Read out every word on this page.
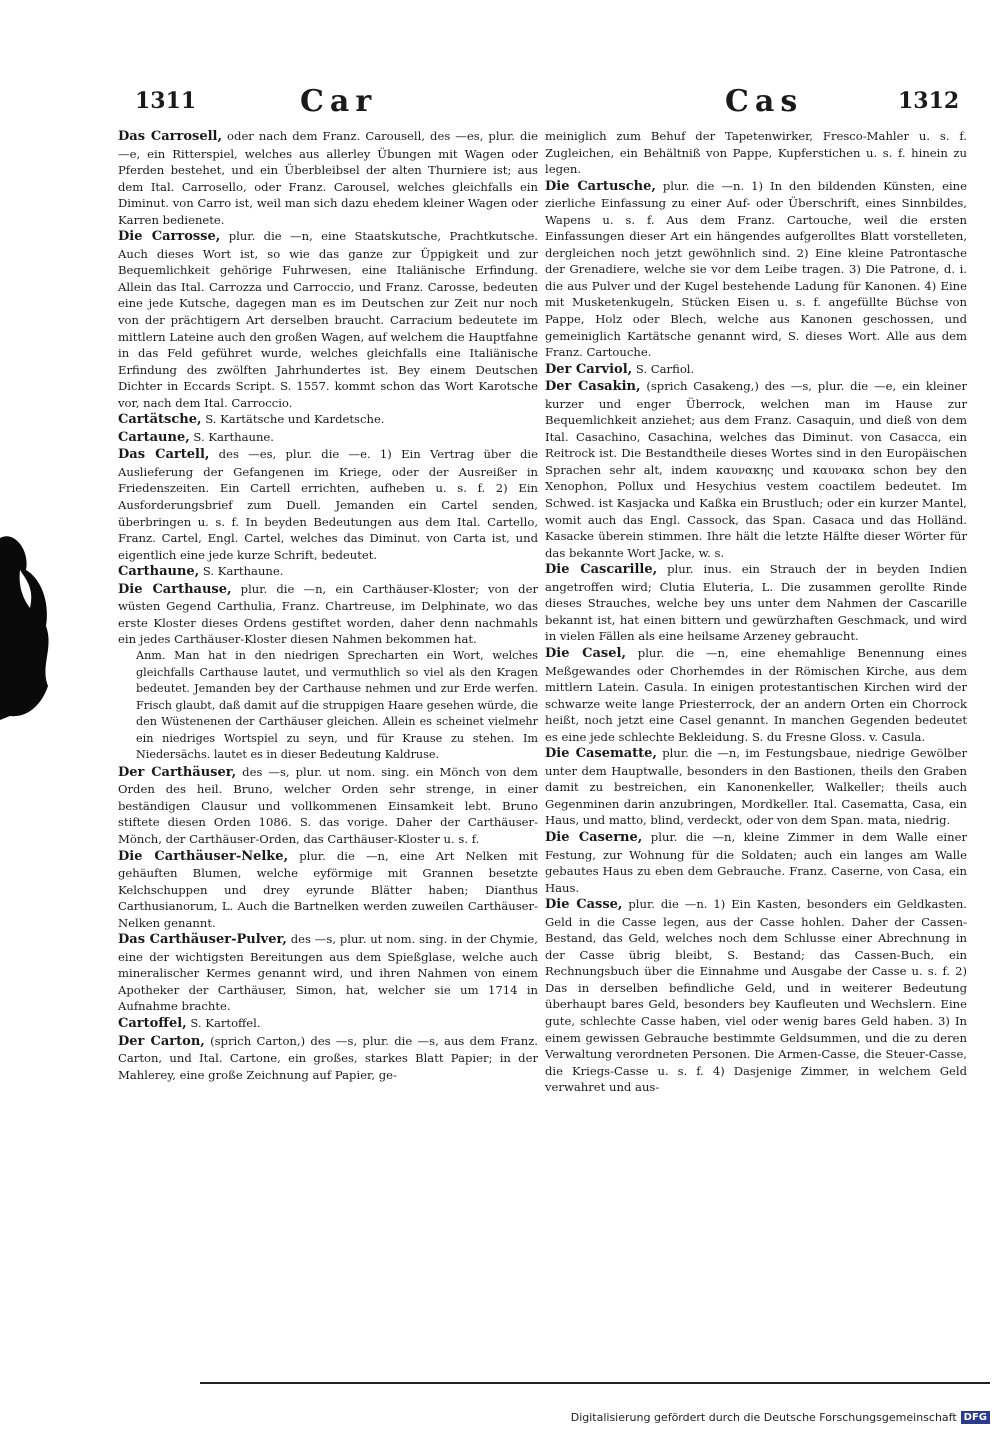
1311	Car	Cas	1312

Das Carrosell, oder nach dem Franz. Carousell, des —es, plur. die —e, ein Ritterspiel, welches aus allerley Übungen mit Wagen oder Pferden bestehet, und ein Überbleibsel der alten Thurniere ist; aus dem Ital. Carrosello, oder Franz. Carousel, welches gleichfalls ein Diminut. von Carro ist, weil man sich dazu ehedem kleiner Wagen oder Karren bedienete.

Die Carrosse, plur. die —n, eine Staatskutsche, Prachtkutsche. Auch dieses Wort ist, so wie das ganze zur Üppigkeit und zur Bequemlichkeit gehörige Fuhrwesen, eine Italiänische Erfindung. Allein das Ital. Carrozza und Carroccio, und Franz. Carosse, bedeuten eine jede Kutsche, dagegen man es im Deutschen zur Zeit nur noch von der prächtigern Art derselben braucht. Carracium bedeutete im mittlern Lateine auch den großen Wagen, auf welchem die Hauptfahne in das Feld geführet wurde, welches gleichfalls eine Italiänische Erfindung des zwölften Jahrhundertes ist. Bey einem Deutschen Dichter in Eccards Script. S. 1557. kommt schon das Wort Karotsche vor, nach dem Ital. Carroccio.

Cartätsche, S. Kartätsche und Kardetsche.

Cartaune, S. Karthaune.

Das Cartell, des —es, plur. die —e. 1) Ein Vertrag über die Auslieferung der Gefangenen im Kriege, oder der Ausreißer in Friedenszeiten. Ein Cartell errichten, aufheben u. s. f. 2) Ein Ausforderungsbrief zum Duell. Jemanden ein Cartel senden, überbringen u. s. f. In beyden Bedeutungen aus dem Ital. Cartello, Franz. Cartel, Engl. Cartel, welches das Diminut. von Carta ist, und eigentlich eine jede kurze Schrift, bedeutet.

Carthaune, S. Karthaune.

Die Carthause, plur. die —n, ein Carthäuser-Kloster; von der wüsten Gegend Carthulia, Franz. Chartreuse, im Delphinate, wo das erste Kloster dieses Ordens gestiftet worden, daher denn nachmahls ein jedes Carthäuser-Kloster diesen Nahmen bekommen hat.

Anm. Man hat in den niedrigen Sprecharten ein Wort, welches gleichfalls Carthause lautet, und vermuthlich so viel als den Kragen bedeutet. Jemanden bey der Carthause nehmen und zur Erde werfen. Frisch glaubt, daß damit auf die struppigen Haare gesehen würde, die den Wüstenenen der Carthäuser gleichen. Allein es scheinet vielmehr ein niedriges Wortspiel zu seyn, und für Krause zu stehen. Im Niedersächs. lautet es in dieser Bedeutung Kaldruse.

Der Carthäuser, des —s, plur. ut nom. sing. ein Mönch von dem Orden des heil. Bruno, welcher Orden sehr strenge, in einer beständigen Clausur und vollkommenen Einsamkeit lebt. Bruno stiftete diesen Orden 1086. S. das vorige. Daher der Carthäuser-Mönch, der Carthäuser-Orden, das Carthäuser-Kloster u. s. f.

Die Carthäuser-Nelke, plur. die —n, eine Art Nelken mit gehäuften Blumen, welche eyförmige mit Grannen besetzte Kelchschuppen und drey eyrunde Blätter haben; Dianthus Carthusianorum, L. Auch die Bartnelken werden zuweilen Carthäuser-Nelken genannt.

Das Carthäuser-Pulver, des —s, plur. ut nom. sing. in der Chymie, eine der wichtigsten Bereitungen aus dem Spießglase, welche auch mineralischer Kermes genannt wird, und ihren Nahmen von einem Apotheker der Carthäuser, Simon, hat, welcher sie um 1714 in Aufnahme brachte.

Cartoffel, S. Kartoffel.

Der Carton, (sprich Carton,) des —s, plur. die —s, aus dem Franz. Carton, und Ital. Cartone, ein großes, starkes Blatt Papier; in der Mahlerey, eine große Zeichnung auf Papier, ge-

meiniglich zum Behuf der Tapetenwirker, Fresco-Mahler u. s. f. Zugleichen, ein Behältniß von Pappe, Kupferstichen u. s. f. hinein zu legen.

Die Cartusche, plur. die —n. 1) In den bildenden Künsten, eine zierliche Einfassung zu einer Auf- oder Überschrift, eines Sinnbildes, Wapens u. s. f. Aus dem Franz. Cartouche, weil die ersten Einfassungen dieser Art ein hängendes aufgerolltes Blatt vorstelleten, dergleichen noch jetzt gewöhnlich sind. 2) Eine kleine Patrontasche der Grenadiere, welche sie vor dem Leibe tragen. 3) Die Patrone, d. i. die aus Pulver und der Kugel bestehende Ladung für Kanonen. 4) Eine mit Musketenkugeln, Stücken Eisen u. s. f. angefüllte Büchse von Pappe, Holz oder Blech, welche aus Kanonen geschossen, und gemeiniglich Kartätsche genannt wird, S. dieses Wort. Alle aus dem Franz. Cartouche.

Der Carviol, S. Carfiol.

Der Casakin, (sprich Casakeng,) des —s, plur. die —e, ein kleiner kurzer und enger Überrock, welchen man im Hause zur Bequemlichkeit anziehet; aus dem Franz. Casaquin, und dieß von dem Ital. Casachino, Casachina, welches das Diminut. von Casacca, ein Reitrock ist. Die Bestandtheile dieses Wortes sind in den Europäischen Sprachen sehr alt, indem καυνακης und καυνακα schon bey den Xenophon, Pollux und Hesychius vestem coactilem bedeutet. Im Schwed. ist Kasjacka und Kaßka ein Brustluch; oder ein kurzer Mantel, womit auch das Engl. Cassock, das Span. Casaca und das Holländ. Kasacke überein stimmen. Ihre hält die letzte Hälfte dieser Wörter für das bekannte Wort Jacke, w. s.

Die Cascarille, plur. inus. ein Strauch der in beyden Indien angetroffen wird; Clutia Eluteria, L. Die zusammen gerollte Rinde dieses Strauches, welche bey uns unter dem Nahmen der Cascarille bekannt ist, hat einen bittern und gewürzhaften Geschmack, und wird in vielen Fällen als eine heilsame Arzeney gebraucht.

Die Casel, plur. die —n, eine ehemahlige Benennung eines Meßgewandes oder Chorhemdes in der Römischen Kirche, aus dem mittlern Latein. Casula. In einigen protestantischen Kirchen wird der schwarze weite lange Priesterrock, der an andern Orten ein Chorrock heißt, noch jetzt eine Casel genannt. In manchen Gegenden bedeutet es eine jede schlechte Bekleidung. S. du Fresne Gloss. v. Casula.

Die Casematte, plur. die —n, im Festungsbaue, niedrige Gewölber unter dem Hauptwalle, besonders in den Bastionen, theils den Graben damit zu bestreichen, ein Kanonenkeller, Walkeller; theils auch Gegenminen darin anzubringen, Mordkeller. Ital. Casematta, Casa, ein Haus, und matto, blind, verdeckt, oder von dem Span. mata, niedrig.

Die Caserne, plur. die —n, kleine Zimmer in dem Walle einer Festung, zur Wohnung für die Soldaten; auch ein langes am Walle gebautes Haus zu eben dem Gebrauche. Franz. Caserne, von Casa, ein Haus.

Die Casse, plur. die —n. 1) Ein Kasten, besonders ein Geldkasten. Geld in die Casse legen, aus der Casse hohlen. Daher der Cassen-Bestand, das Geld, welches noch dem Schlusse einer Abrechnung in der Casse übrig bleibt, S. Bestand; das Cassen-Buch, ein Rechnungsbuch über die Einnahme und Ausgabe der Casse u. s. f. 2) Das in derselben befindliche Geld, und in weiterer Bedeutung überhaupt bares Geld, besonders bey Kaufleuten und Wechslern. Eine gute, schlechte Casse haben, viel oder wenig bares Geld haben. 3) In einem gewissen Gebrauche bestimmte Geldsummen, und die zu deren Verwaltung verordneten Personen. Die Armen-Casse, die Steuer-Casse, die Kriegs-Casse u. s. f. 4) Dasjenige Zimmer, in welchem Geld verwahret und aus-

Digitalisierung gefördert durch die Deutsche Forschungsgemeinschaft DFG
